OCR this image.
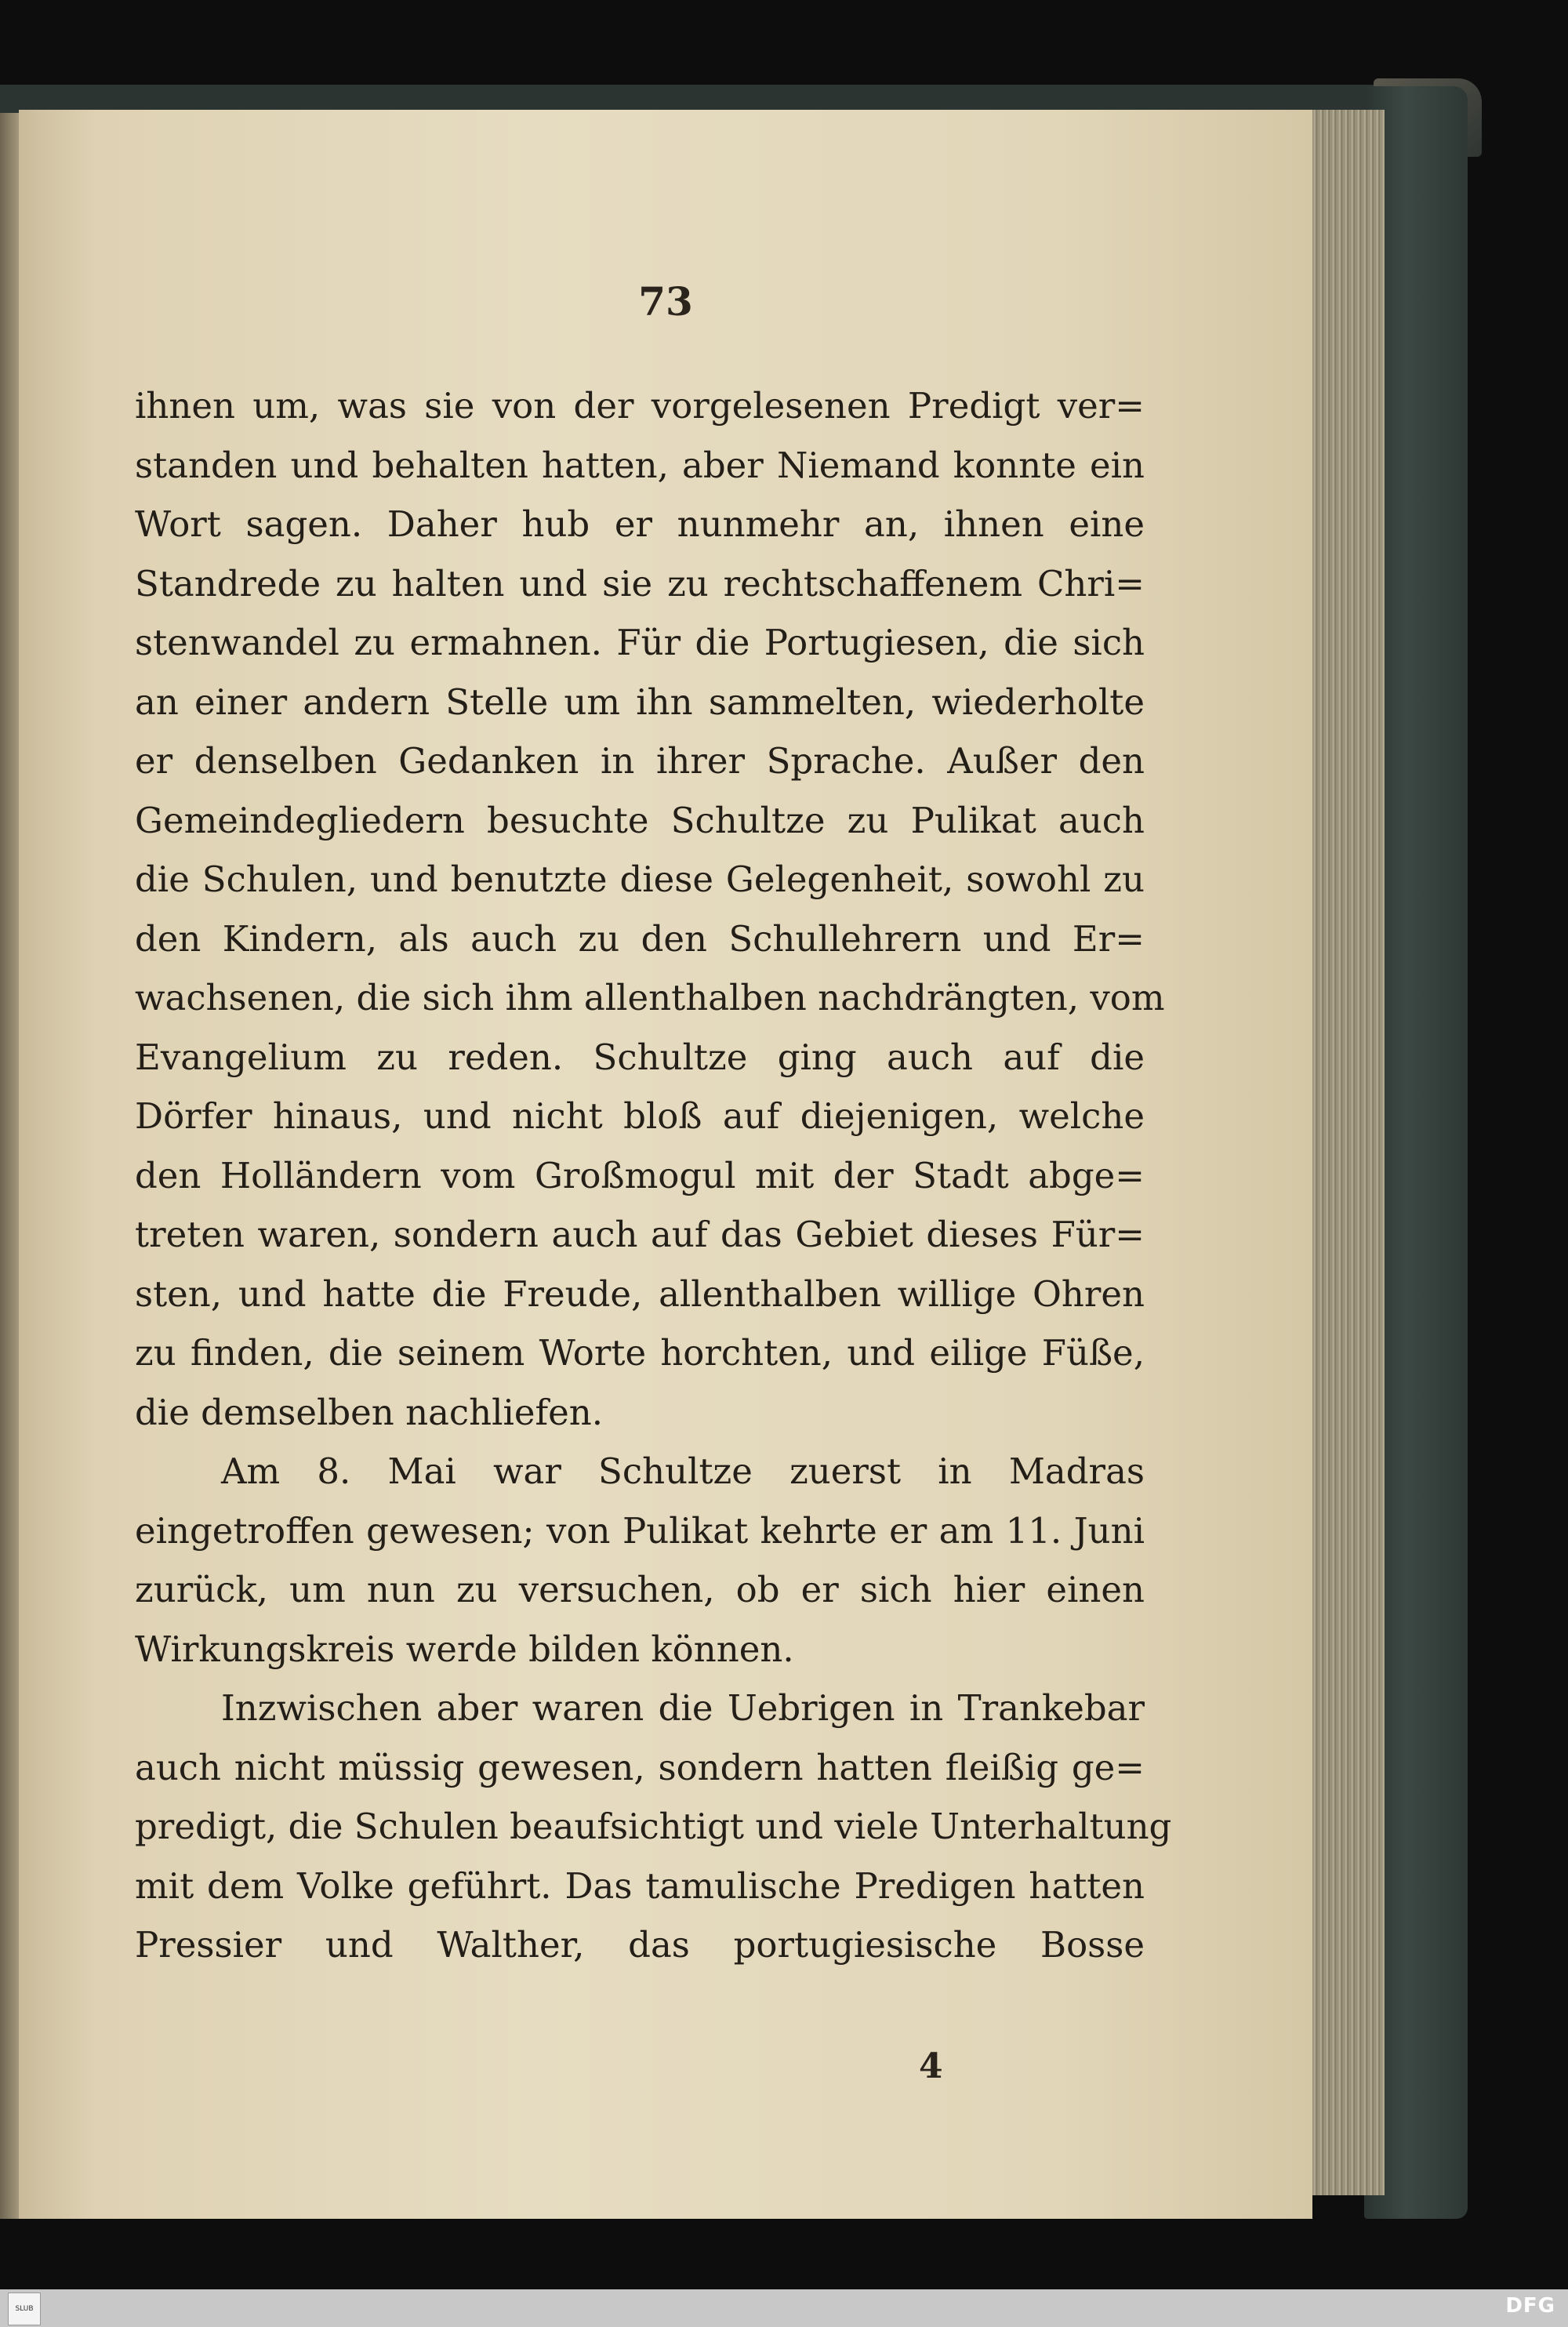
73
ihnen um, was sie von der vorgelesenen Predigt ver=
standen und behalten hatten, aber Niemand konnte ein
Wort sagen. Daher hub er nunmehr an, ihnen eine
Standrede zu halten und sie zu rechtschaffenem Chri=
stenwandel zu ermahnen. Für die Portugiesen, die sich
an einer andern Stelle um ihn sammelten, wiederholte
er denselben Gedanken in ihrer Sprache. Außer den
Gemeindegliedern besuchte Schultze zu Pulikat auch
die Schulen, und benutzte diese Gelegenheit, sowohl zu
den Kindern, als auch zu den Schullehrern und Er=
wachsenen, die sich ihm allenthalben nachdrängten, vom
Evangelium zu reden. Schultze ging auch auf die
Dörfer hinaus, und nicht bloß auf diejenigen, welche
den Holländern vom Großmogul mit der Stadt abge=
treten waren, sondern auch auf das Gebiet dieses Für=
sten, und hatte die Freude, allenthalben willige Ohren
zu finden, die seinem Worte horchten, und eilige Füße,
die demselben nachliefen.
Am 8. Mai war Schultze zuerst in Madras
eingetroffen gewesen; von Pulikat kehrte er am 11. Juni
zurück, um nun zu versuchen, ob er sich hier einen
Wirkungskreis werde bilden können.
Inzwischen aber waren die Uebrigen in Trankebar
auch nicht müssig gewesen, sondern hatten fleißig ge=
predigt, die Schulen beaufsichtigt und viele Unterhaltung
mit dem Volke geführt. Das tamulische Predigen hatten
Pressier und Walther, das portugiesische Bosse
4
SLUB	DFG
